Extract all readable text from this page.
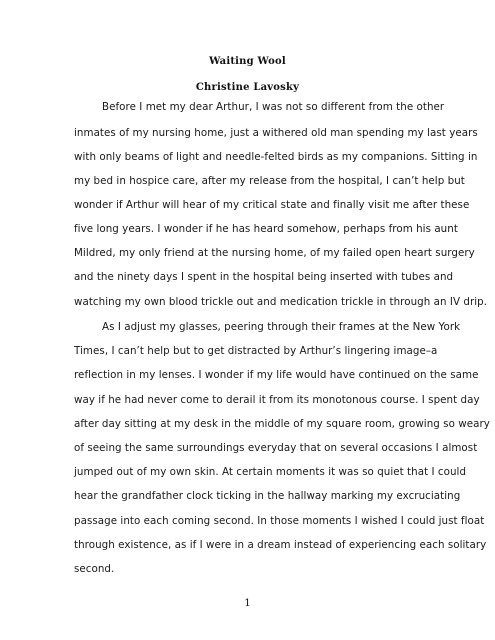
Waiting Wool
Christine Lavosky
Before I met my dear Arthur, I was not so different from the other
inmates of my nursing home, just a withered old man spending my last years
with only beams of light and needle-felted birds as my companions. Sitting in
my bed in hospice care, after my release from the hospital, I can’t help but
wonder if Arthur will hear of my critical state and finally visit me after these
five long years. I wonder if he has heard somehow, perhaps from his aunt
Mildred, my only friend at the nursing home, of my failed open heart surgery
and the ninety days I spent in the hospital being inserted with tubes and
watching my own blood trickle out and medication trickle in through an IV drip.
As I adjust my glasses, peering through their frames at the New York
Times, I can’t help but to get distracted by Arthur’s lingering image–a
reflection in my lenses. I wonder if my life would have continued on the same
way if he had never come to derail it from its monotonous course. I spent day
after day sitting at my desk in the middle of my square room, growing so weary
of seeing the same surroundings everyday that on several occasions I almost
jumped out of my own skin. At certain moments it was so quiet that I could
hear the grandfather clock ticking in the hallway marking my excruciating
passage into each coming second. In those moments I wished I could just float
through existence, as if I were in a dream instead of experiencing each solitary
second.
1
